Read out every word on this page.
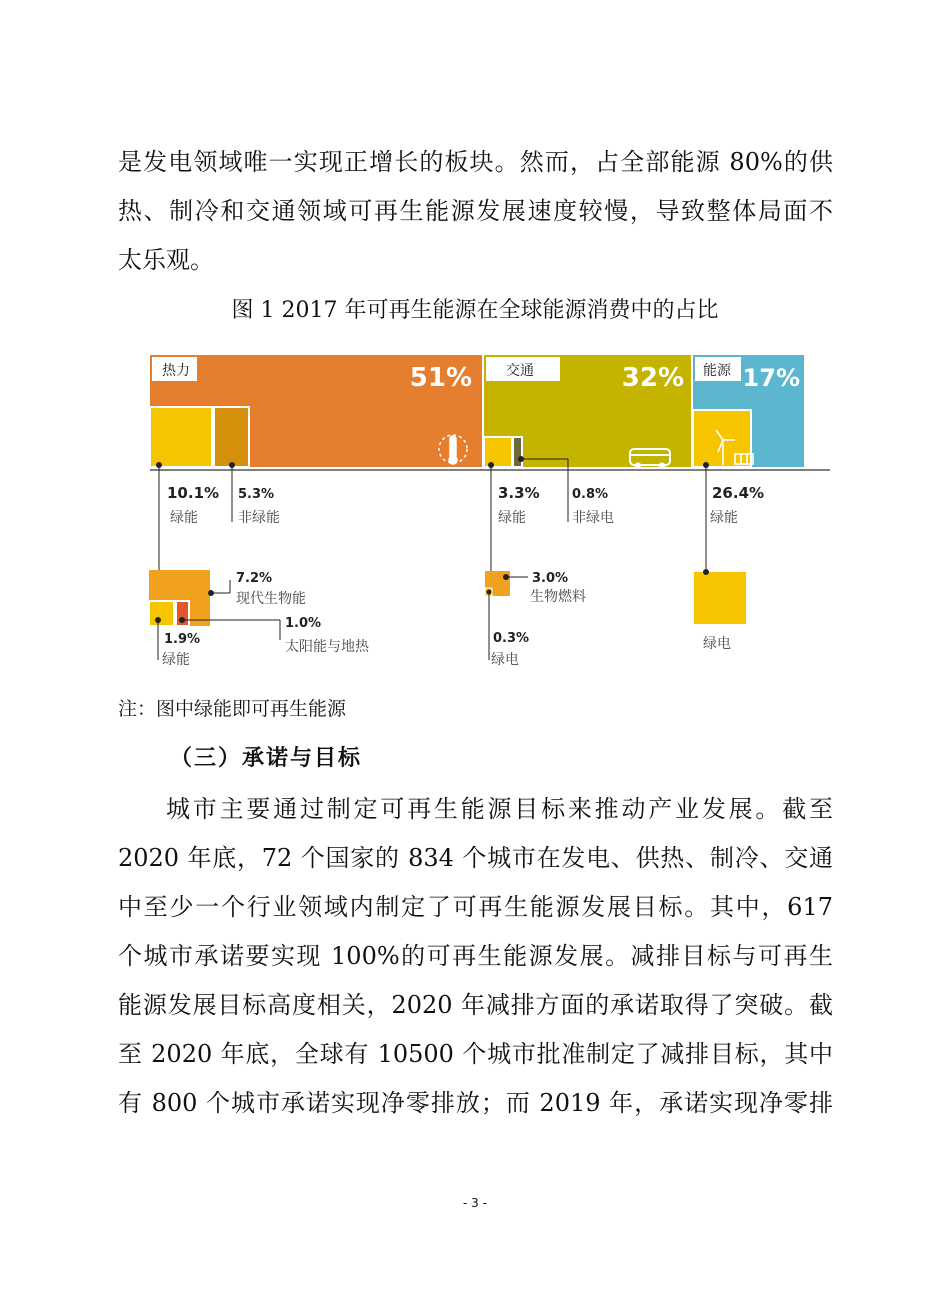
是发电领域唯一实现正增长的板块。然而，占全部能源 80%的供
热、制冷和交通领域可再生能源发展速度较慢，导致整体局面不
太乐观。
图 1 2017 年可再生能源在全球能源消费中的占比
热力	51% 交通	32% 能源 17%
10.1%
绿能
5.3%
非绿能
7.2%
现代生物能
1.0%
太阳能与地热
1.9%
绿能
3.3%
绿能
0.8%
非绿电
3.0%
生物燃料
0.3%
绿电
26.4%
绿能
绿电
注：图中绿能即可再生能源
（三）承诺与目标
城市主要通过制定可再生能源目标来推动产业发展。截至
2020 年底，72 个国家的 834 个城市在发电、供热、制冷、交通
中至少一个行业领域内制定了可再生能源发展目标。其中，617
个城市承诺要实现 100%的可再生能源发展。减排目标与可再生
能源发展目标高度相关，2020 年减排方面的承诺取得了突破。截
至 2020 年底，全球有 10500 个城市批准制定了减排目标，其中
有 800 个城市承诺实现净零排放；而 2019 年，承诺实现净零排
- 3 -
